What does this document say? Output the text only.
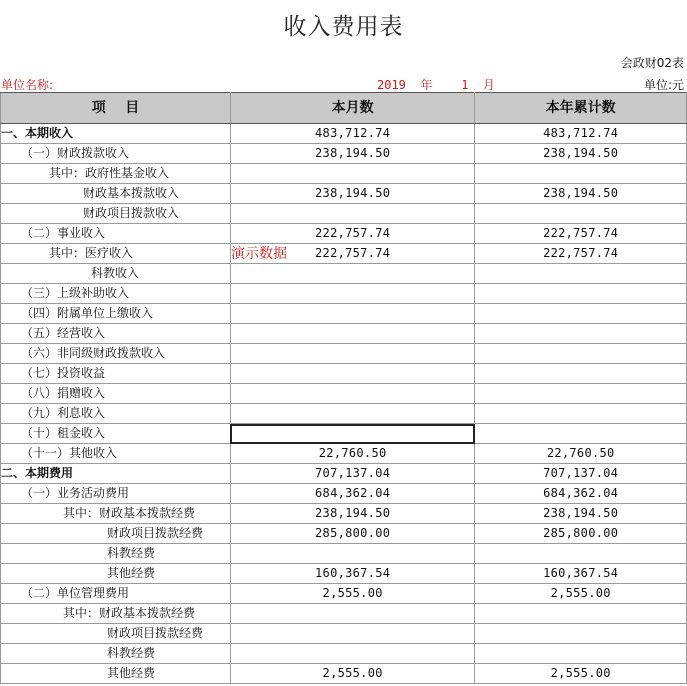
收入费用表
会政财02表
单位名称:	2019  年    1  月	单位:元
项    目	本月数	本年累计数
一、本期收入	483,712.74	483,712.74
（一）财政拨款收入	238,194.50	238,194.50
其中：政府性基金收入		
财政基本拨款收入	238,194.50	238,194.50
财政项目拨款收入		
（二）事业收入	222,757.74	222,757.74
其中：医疗收入	222,757.74	222,757.74
科教收入		
（三）上级补助收入		
（四）附属单位上缴收入		
（五）经营收入		
（六）非同级财政拨款收入		
（七）投资收益		
（八）捐赠收入		
（九）利息收入		
（十）租金收入		
（十一）其他收入	22,760.50	22,760.50
二、本期费用	707,137.04	707,137.04
（一）业务活动费用	684,362.04	684,362.04
其中：财政基本拨款经费	238,194.50	238,194.50
财政项目拨款经费	285,800.00	285,800.00
科教经费		
其他经费	160,367.54	160,367.54
（二）单位管理费用	2,555.00	2,555.00
其中：财政基本拨款经费		
财政项目拨款经费		
科教经费		
其他经费	2,555.00	2,555.00
演示数据
